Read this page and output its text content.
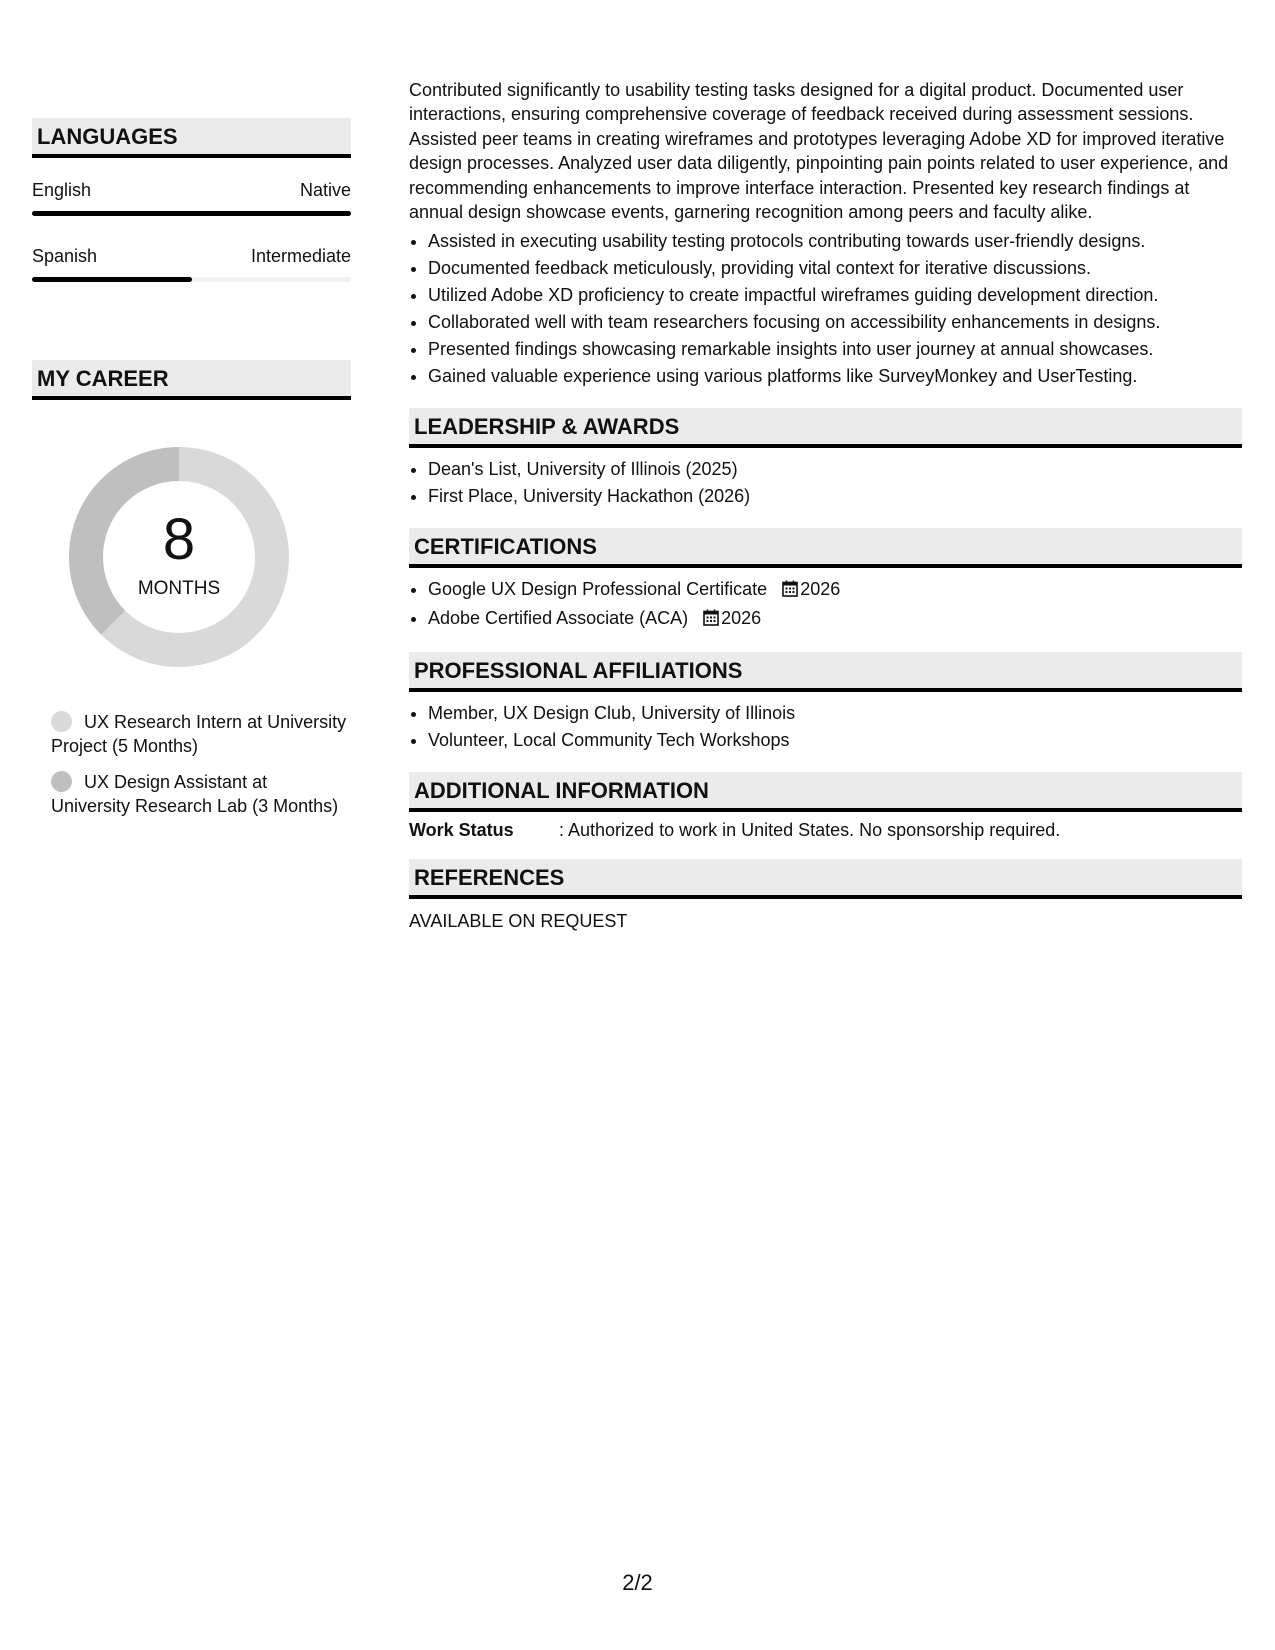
LANGUAGES
English	Native
Spanish	Intermediate
MY CAREER
8
MONTHS
UX Research Intern at University Project (5 Months)
UX Design Assistant at University Research Lab (3 Months)

Contributed significantly to usability testing tasks designed for a digital product. Documented user interactions, ensuring comprehensive coverage of feedback received during assessment sessions. Assisted peer teams in creating wireframes and prototypes leveraging Adobe XD for improved iterative design processes. Analyzed user data diligently, pinpointing pain points related to user experience, and recommending enhancements to improve interface interaction. Presented key research findings at annual design showcase events, garnering recognition among peers and faculty alike.

• Assisted in executing usability testing protocols contributing towards user-friendly designs.
• Documented feedback meticulously, providing vital context for iterative discussions.
• Utilized Adobe XD proficiency to create impactful wireframes guiding development direction.
• Collaborated well with team researchers focusing on accessibility enhancements in designs.
• Presented findings showcasing remarkable insights into user journey at annual showcases.
• Gained valuable experience using various platforms like SurveyMonkey and UserTesting.
LEADERSHIP & AWARDS
• Dean's List, University of Illinois (2025)
• First Place, University Hackathon (2026)
CERTIFICATIONS
• Google UX Design Professional Certificate 2026
• Adobe Certified Associate (ACA) 2026
PROFESSIONAL AFFILIATIONS
• Member, UX Design Club, University of Illinois
• Volunteer, Local Community Tech Workshops
ADDITIONAL INFORMATION
Work Status	: Authorized to work in United States. No sponsorship required.
REFERENCES
AVAILABLE ON REQUEST
2/2
